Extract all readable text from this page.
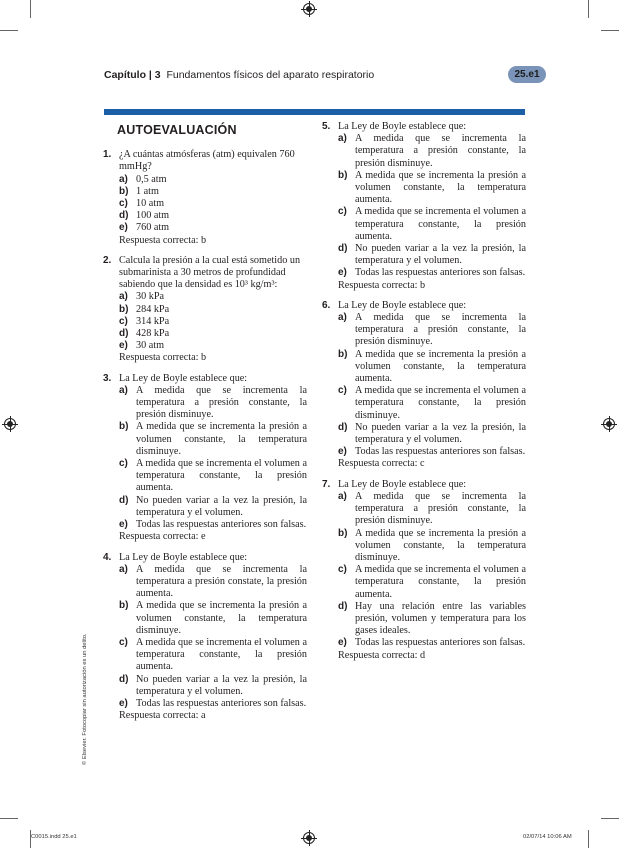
Capítulo | 3 Fundamentos físicos del aparato respiratorio	25.e1
AUTOEVALUACIÓN
1. ¿A cuántas atmósferas (atm) equivalen 760 mmHg?
a) 0,5 atm
b) 1 atm
c) 10 atm
d) 100 atm
e) 760 atm
Respuesta correcta: b
2. Calcula la presión a la cual está sometido un submarinista a 30 metros de profundidad sabiendo que la densidad es 10³ kg/m³:
a) 30 kPa
b) 284 kPa
c) 314 kPa
d) 428 kPa
e) 30 atm
Respuesta correcta: b
3. La Ley de Boyle establece que:
a) A medida que se incrementa la temperatura a presión constante, la presión disminuye.
b) A medida que se incrementa la presión a volumen constante, la temperatura disminuye.
c) A medida que se incrementa el volumen a temperatura constante, la presión aumenta.
d) No pueden variar a la vez la presión, la temperatura y el volumen.
e) Todas las respuestas anteriores son falsas.
Respuesta correcta: e
4. La Ley de Boyle establece que:
a) A medida que se incrementa la temperatura a presión constate, la presión aumenta.
b) A medida que se incrementa la presión a volumen constante, la temperatura disminuye.
c) A medida que se incrementa el volumen a temperatura constante, la presión aumenta.
d) No pueden variar a la vez la presión, la temperatura y el volumen.
e) Todas las respuestas anteriores son falsas.
Respuesta correcta: a
5. La Ley de Boyle establece que:
a) A medida que se incrementa la temperatura a presión constante, la presión disminuye.
b) A medida que se incrementa la presión a volumen constante, la temperatura aumenta.
c) A medida que se incrementa el volumen a temperatura constante, la presión aumenta.
d) No pueden variar a la vez la presión, la temperatura y el volumen.
e) Todas las respuestas anteriores son falsas.
Respuesta correcta: b
6. La Ley de Boyle establece que:
a) A medida que se incrementa la temperatura a presión constante, la presión disminuye.
b) A medida que se incrementa la presión a volumen constante, la temperatura aumenta.
c) A medida que se incrementa el volumen a temperatura constante, la presión disminuye.
d) No pueden variar a la vez la presión, la temperatura y el volumen.
e) Todas las respuestas anteriores son falsas.
Respuesta correcta: c
7. La Ley de Boyle establece que:
a) A medida que se incrementa la temperatura a presión constante, la presión disminuye.
b) A medida que se incrementa la presión a volumen constante, la temperatura disminuye.
c) A medida que se incrementa el volumen a temperatura constante, la presión aumenta.
d) Hay una relación entre las variables presión, volumen y temperatura para los gases ideales.
e) Todas las respuestas anteriores son falsas.
Respuesta correcta: d
© Elsevier. Fotocopiar sin autorización es un delito.
C0015.indd 25.e1	02/07/14 10:06 AM
